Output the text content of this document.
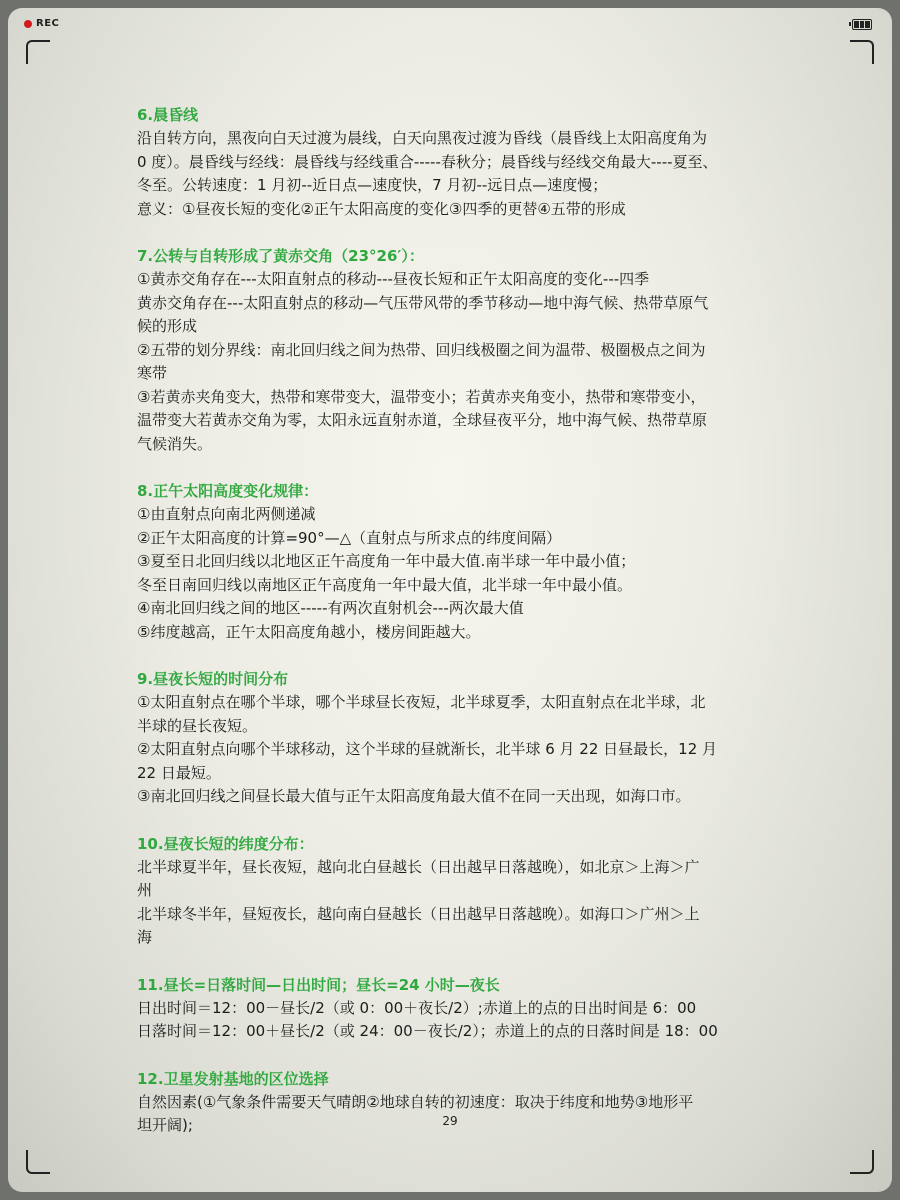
REC
6.晨昏线
沿自转方向，黑夜向白天过渡为晨线，白天向黑夜过渡为昏线（晨昏线上太阳高度角为
0 度）。晨昏线与经线：晨昏线与经线重合-----春秋分；晨昏线与经线交角最大----夏至、
冬至。公转速度：1 月初--近日点—速度快，7 月初--远日点—速度慢；
意义：①昼夜长短的变化②正午太阳高度的变化③四季的更替④五带的形成
7.公转与自转形成了黄赤交角（23°26′）：
①黄赤交角存在---太阳直射点的移动---昼夜长短和正午太阳高度的变化---四季
黄赤交角存在---太阳直射点的移动—气压带风带的季节移动—地中海气候、热带草原气
候的形成
②五带的划分界线：南北回归线之间为热带、回归线极圈之间为温带、极圈极点之间为
寒带
③若黄赤夹角变大，热带和寒带变大，温带变小；若黄赤夹角变小，热带和寒带变小，
温带变大若黄赤交角为零，太阳永远直射赤道，全球昼夜平分，地中海气候、热带草原
气候消失。
8.正午太阳高度变化规律：
①由直射点向南北两侧递减
②正午太阳高度的计算=90°—△（直射点与所求点的纬度间隔）
③夏至日北回归线以北地区正午高度角一年中最大值.南半球一年中最小值；
冬至日南回归线以南地区正午高度角一年中最大值，北半球一年中最小值。
④南北回归线之间的地区-----有两次直射机会---两次最大值
⑤纬度越高，正午太阳高度角越小，楼房间距越大。
9.昼夜长短的时间分布
①太阳直射点在哪个半球，哪个半球昼长夜短，北半球夏季，太阳直射点在北半球，北
半球的昼长夜短。
②太阳直射点向哪个半球移动，这个半球的昼就渐长，北半球 6 月 22 日昼最长，12 月
22 日最短。
③南北回归线之间昼长最大值与正午太阳高度角最大值不在同一天出现，如海口市。
10.昼夜长短的纬度分布：
北半球夏半年，昼长夜短，越向北白昼越长（日出越早日落越晚），如北京＞上海＞广
州
北半球冬半年，昼短夜长，越向南白昼越长（日出越早日落越晚）。如海口＞广州＞上
海
11.昼长=日落时间—日出时间；昼长=24 小时—夜长
日出时间＝12：00－昼长/2（或 0：00＋夜长/2）;赤道上的点的日出时间是 6：00
日落时间＝12：00＋昼长/2（或 24：00－夜长/2）；赤道上的点的日落时间是 18：00
12.卫星发射基地的区位选择
自然因素(①气象条件需要天气晴朗②地球自转的初速度：取决于纬度和地势③地形平
坦开阔);	29
